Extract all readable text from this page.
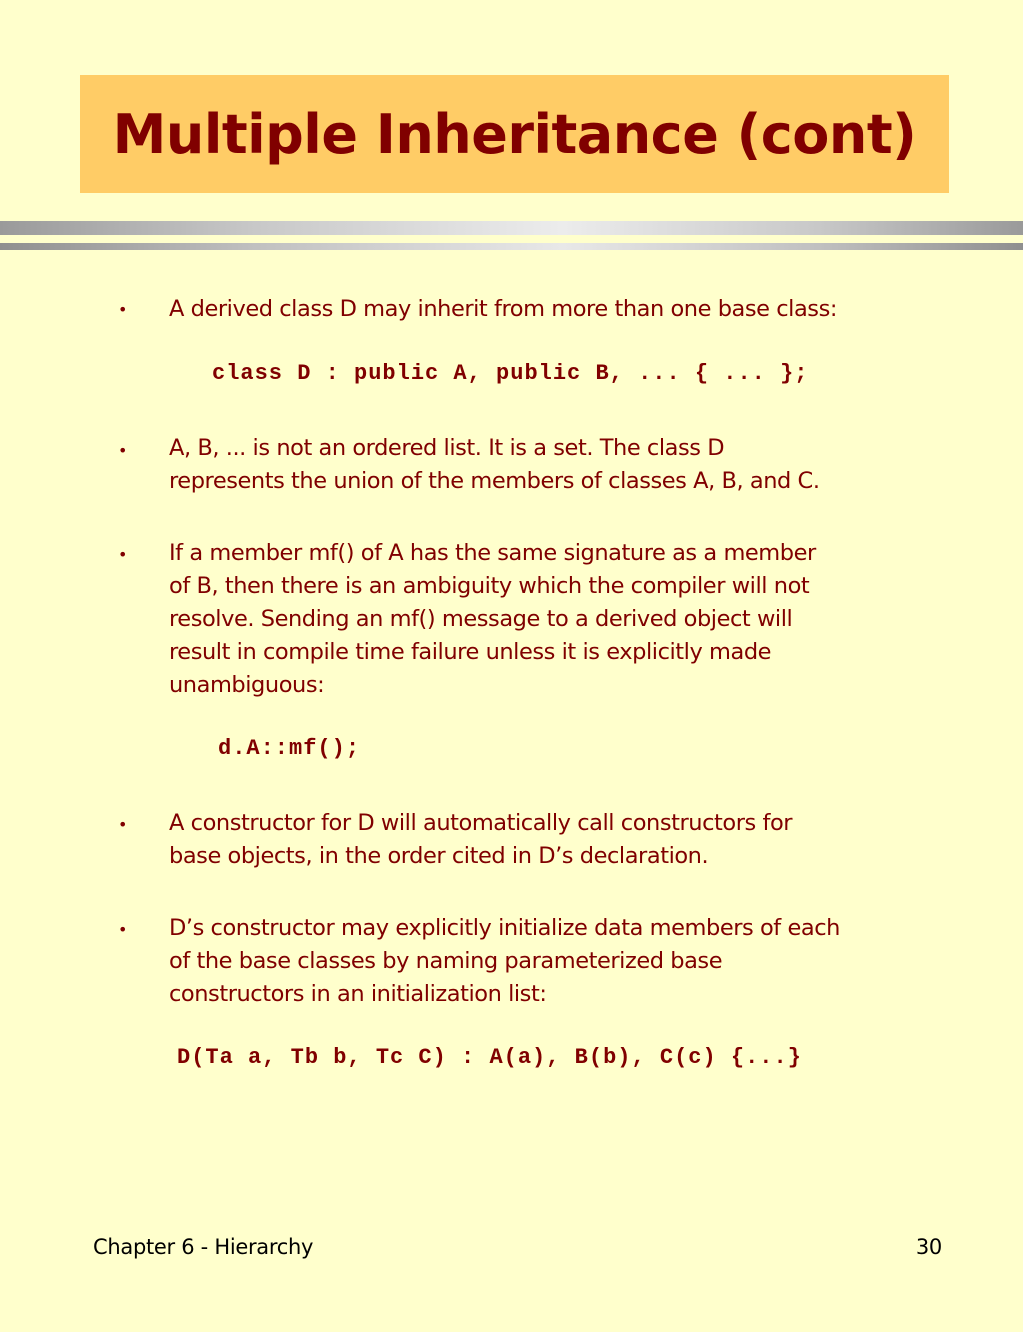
Multiple Inheritance (cont)
• A derived class D may inherit from more than one base class:
class D : public A, public B, ... { ... };
• A, B, ... is not an ordered list. It is a set. The class D
represents the union of the members of classes A, B, and C.
• If a member mf() of A has the same signature as a member
of B, then there is an ambiguity which the compiler will not
resolve. Sending an mf() message to a derived object will
result in compile time failure unless it is explicitly made
unambiguous:
d.A::mf();
• A constructor for D will automatically call constructors for
base objects, in the order cited in D’s declaration.
• D’s constructor may explicitly initialize data members of each
of the base classes by naming parameterized base
constructors in an initialization list:
D(Ta a, Tb b, Tc C) : A(a), B(b), C(c) {...}
Chapter 6 - Hierarchy	30
